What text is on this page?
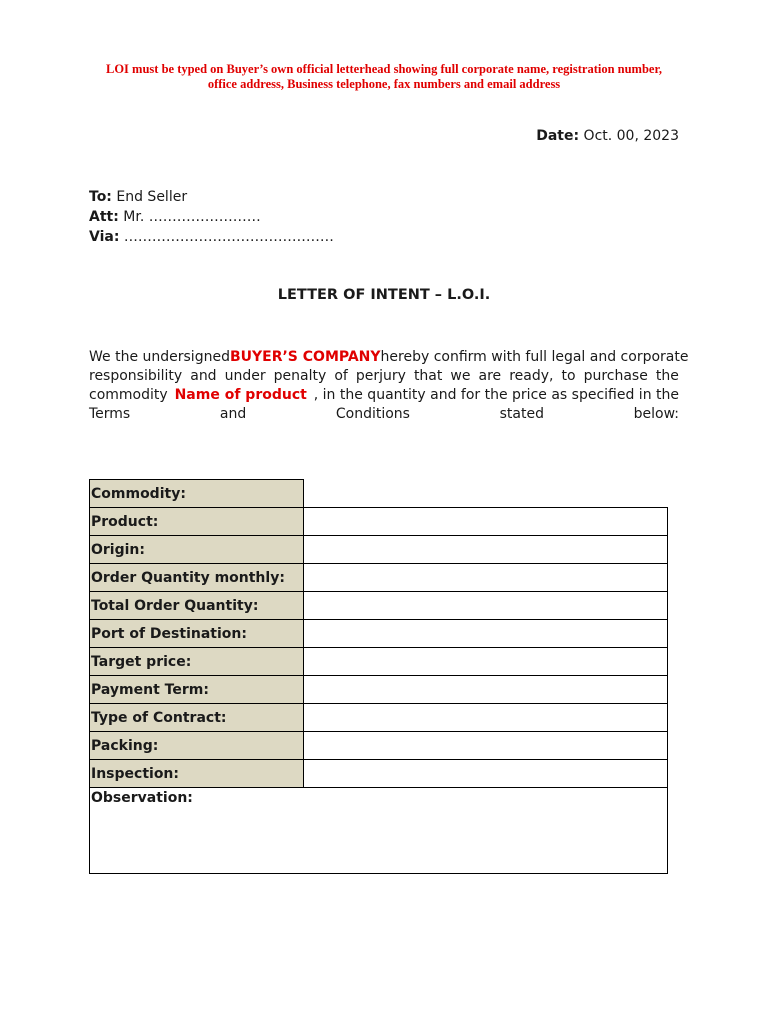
LOI must be typed on Buyer’s own official letterhead showing full corporate name, registration number,
office address, Business telephone, fax numbers and email address
Date: Oct. 00, 2023
To: End Seller
Att: Mr. ……………………
Via: ………………………………………
LETTER OF INTENT – L.O.I.
We the undersigned BUYER’S COMPANY hereby confirm with full legal and corporate
responsibility and under penalty of perjury that we are ready, to purchase the
commodity Name of product , in the quantity and for the price as specified in the
Terms	and	Conditions	stated	below:
Commodity:	
Product:	
Origin:	
Order Quantity monthly:	
Total Order Quantity:	
Port of Destination:	
Target price:	
Payment Term:	
Type of Contract:	
Packing:	
Inspection:	
Observation:	
